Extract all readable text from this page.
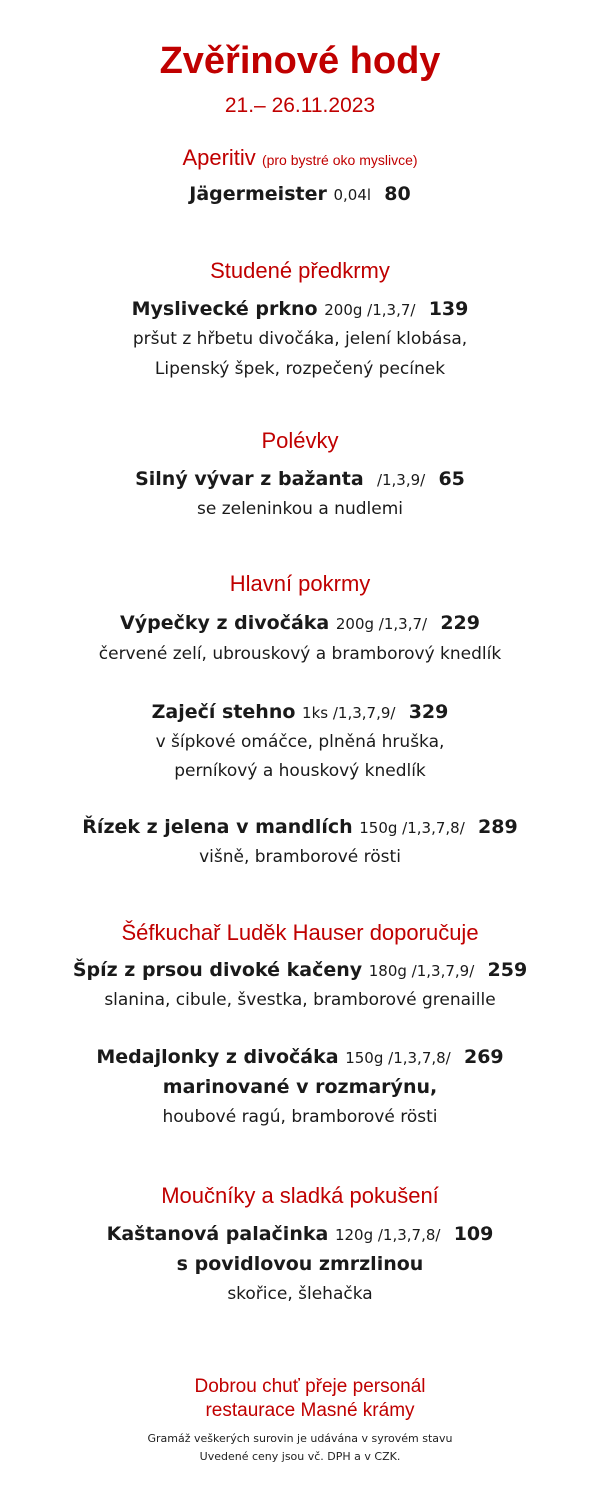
Zvěřinové hody
21.– 26.11.2023
Aperitiv (pro bystré oko myslivce)
Jägermeister 0,04l 80
Studené předkrmy
Myslivecké prkno 200g /1,3,7/ 139
pršut z hřbetu divočáka, jelení klobása,
Lipenský špek, rozpečený pecínek
Polévky
Silný vývar z bažanta /1,3,9/ 65
se zeleninkou a nudlemi
Hlavní pokrmy
Výpečky z divočáka 200g /1,3,7/ 229
červené zelí, ubrouskový a bramborový knedlík
Zaječí stehno 1ks /1,3,7,9/ 329
v šípkové omáčce, plněná hruška,
perníkový a houskový knedlík
Řízek z jelena v mandlích 150g /1,3,7,8/ 289
višně, bramborové rösti
Šéfkuchař Luděk Hauser doporučuje
Špíz z prsou divoké kačeny 180g /1,3,7,9/ 259
slanina, cibule, švestka, bramborové grenaille
Medajlonky z divočáka 150g /1,3,7,8/ 269
marinované v rozmarýnu,
houbové ragú, bramborové rösti
Moučníky a sladká pokušení
Kaštanová palačinka 120g /1,3,7,8/ 109
s povidlovou zmrzlinou
skořice, šlehačka
Dobrou chuť přeje personál
restaurace Masné krámy
Gramáž veškerých surovin je udávána v syrovém stavu
Uvedené ceny jsou vč. DPH a v CZK.
